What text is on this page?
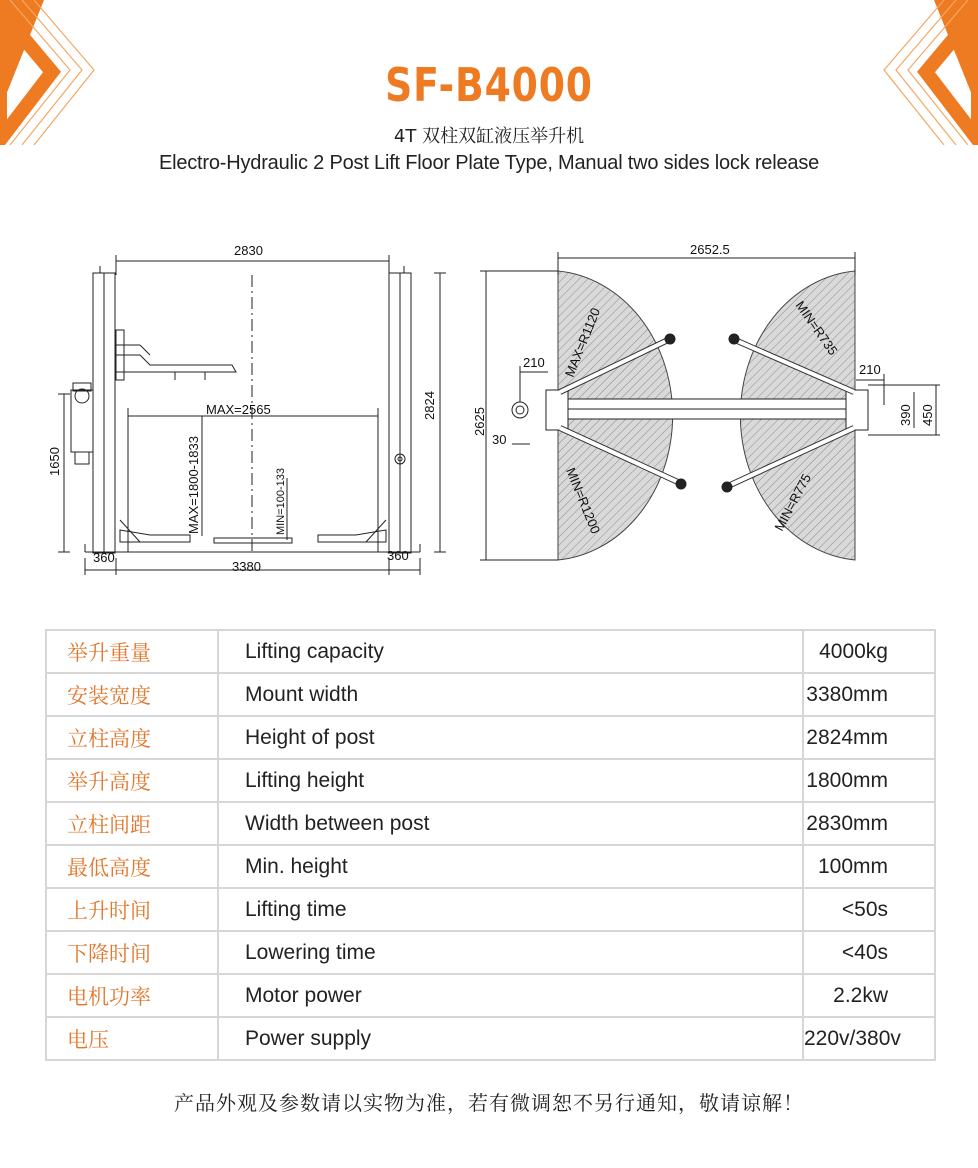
SF-B4000
4T 双柱双缸液压举升机
Electro-Hydraulic 2 Post Lift Floor Plate Type, Manual two sides lock release
2830
MAX=2565	2824
1650	MAX=1800-1833	MIN=100-133
360	360
3380
2652.5
2625
210	210
30
390 450
MAX=R1120
MIN=R1200
MIN=R735
MIN=R775
举升重量	Lifting capacity	4000kg
安装宽度	Mount width	3380mm
立柱高度	Height of post	2824mm
举升高度	Lifting height	1800mm
立柱间距	Width between post	2830mm
最低高度	Min. height	100mm
上升时间	Lifting time	<50s
下降时间	Lowering time	<40s
电机功率	Motor power	2.2kw
电压	Power supply	220v/380v
产品外观及参数请以实物为准，若有微调恕不另行通知，敬请谅解！
